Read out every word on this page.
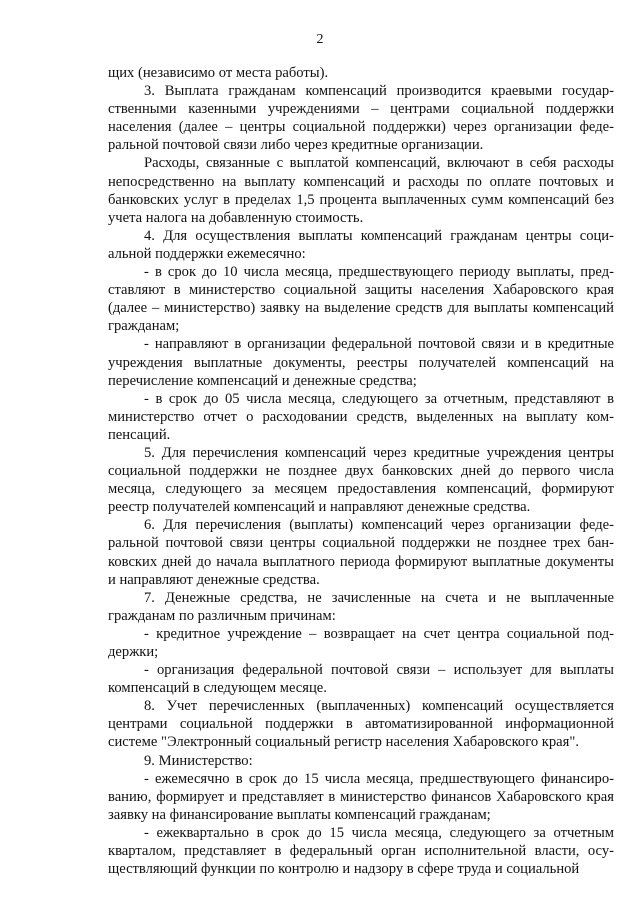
2

щих (независимо от места работы).

3. Выплата гражданам компенсаций производится краевыми государственными казенными учреждениями – центрами социальной поддержки населения (далее – центры социальной поддержки) через организации федеральной почтовой связи либо через кредитные организации.

Расходы, связанные с выплатой компенсаций, включают в себя расходы непосредственно на выплату компенсаций и расходы по оплате почтовых и банковских услуг в пределах 1,5 процента выплаченных сумм компенсаций без учета налога на добавленную стоимость.

4. Для осуществления выплаты компенсаций гражданам центры социальной поддержки ежемесячно:

- в срок до 10 числа месяца, предшествующего периоду выплаты, представляют в министерство социальной защиты населения Хабаровского края (далее – министерство) заявку на выделение средств для выплаты компенсаций гражданам;

- направляют в организации федеральной почтовой связи и в кредитные учреждения выплатные документы, реестры получателей компенсаций на перечисление компенсаций и денежные средства;

- в срок до 05 числа месяца, следующего за отчетным, представляют в министерство отчет о расходовании средств, выделенных на выплату компенсаций.

5. Для перечисления компенсаций через кредитные учреждения центры социальной поддержки не позднее двух банковских дней до первого числа месяца, следующего за месяцем предоставления компенсаций, формируют реестр получателей компенсаций и направляют денежные средства.

6. Для перечисления (выплаты) компенсаций через организации федеральной почтовой связи центры социальной поддержки не позднее трех банковских дней до начала выплатного периода формируют выплатные документы и направляют денежные средства.

7. Денежные средства, не зачисленные на счета и не выплаченные гражданам по различным причинам:

- кредитное учреждение – возвращает на счет центра социальной поддержки;

- организация федеральной почтовой связи – использует для выплаты компенсаций в следующем месяце.

8. Учет перечисленных (выплаченных) компенсаций осуществляется центрами социальной поддержки в автоматизированной информационной системе "Электронный социальный регистр населения Хабаровского края".

9. Министерство:

- ежемесячно в срок до 15 числа месяца, предшествующего финансированию, формирует и представляет в министерство финансов Хабаровского края заявку на финансирование выплаты компенсаций гражданам;

- ежеквартально в срок до 15 числа месяца, следующего за отчетным кварталом, представляет в федеральный орган исполнительной власти, осуществляющий функции по контролю и надзору в сфере труда и социальной
